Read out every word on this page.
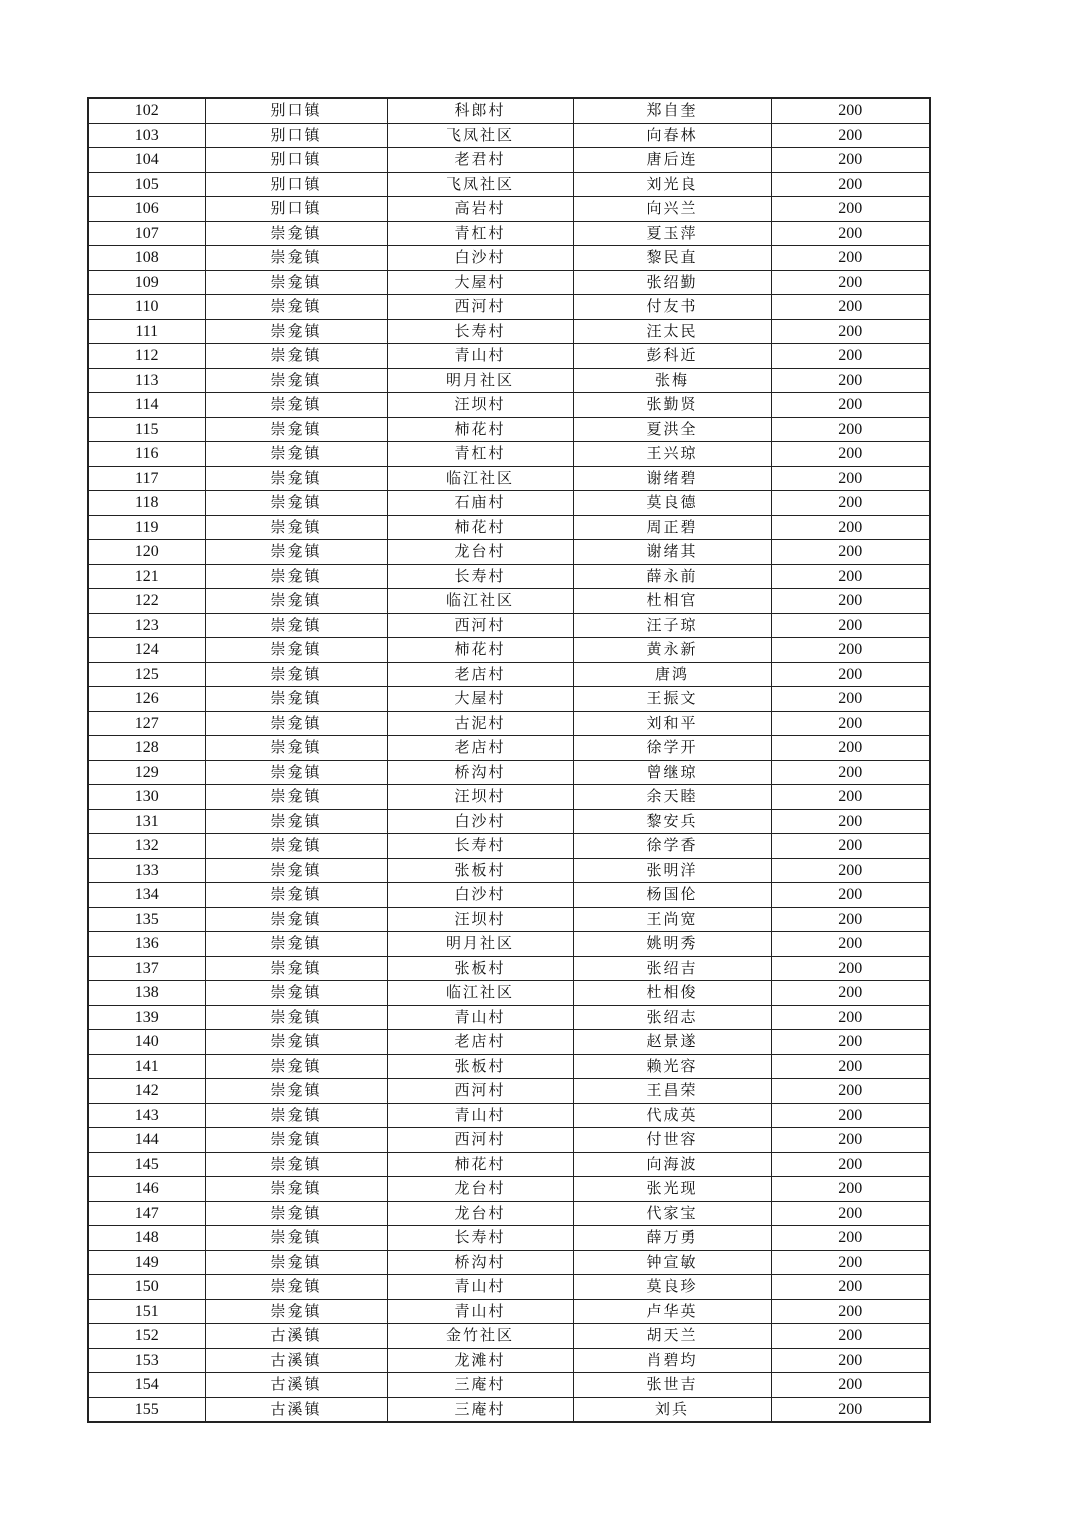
102	别口镇	科郎村	郑自奎	200
103	别口镇	飞凤社区	向春林	200
104	别口镇	老君村	唐后连	200
105	别口镇	飞凤社区	刘光良	200
106	别口镇	高岩村	向兴兰	200
107	崇龛镇	青杠村	夏玉萍	200
108	崇龛镇	白沙村	黎民直	200
109	崇龛镇	大屋村	张绍勤	200
110	崇龛镇	西河村	付友书	200
111	崇龛镇	长寿村	汪太民	200
112	崇龛镇	青山村	彭科近	200
113	崇龛镇	明月社区	张梅	200
114	崇龛镇	汪坝村	张勤贤	200
115	崇龛镇	柿花村	夏洪全	200
116	崇龛镇	青杠村	王兴琼	200
117	崇龛镇	临江社区	谢绪碧	200
118	崇龛镇	石庙村	莫良德	200
119	崇龛镇	柿花村	周正碧	200
120	崇龛镇	龙台村	谢绪其	200
121	崇龛镇	长寿村	薛永前	200
122	崇龛镇	临江社区	杜相官	200
123	崇龛镇	西河村	汪子琼	200
124	崇龛镇	柿花村	黄永新	200
125	崇龛镇	老店村	唐鸿	200
126	崇龛镇	大屋村	王振文	200
127	崇龛镇	古泥村	刘和平	200
128	崇龛镇	老店村	徐学开	200
129	崇龛镇	桥沟村	曾继琼	200
130	崇龛镇	汪坝村	余天睦	200
131	崇龛镇	白沙村	黎安兵	200
132	崇龛镇	长寿村	徐学香	200
133	崇龛镇	张板村	张明洋	200
134	崇龛镇	白沙村	杨国伦	200
135	崇龛镇	汪坝村	王尚宽	200
136	崇龛镇	明月社区	姚明秀	200
137	崇龛镇	张板村	张绍吉	200
138	崇龛镇	临江社区	杜相俊	200
139	崇龛镇	青山村	张绍志	200
140	崇龛镇	老店村	赵景遂	200
141	崇龛镇	张板村	赖光容	200
142	崇龛镇	西河村	王昌荣	200
143	崇龛镇	青山村	代成英	200
144	崇龛镇	西河村	付世容	200
145	崇龛镇	柿花村	向海波	200
146	崇龛镇	龙台村	张光现	200
147	崇龛镇	龙台村	代家宝	200
148	崇龛镇	长寿村	薛万勇	200
149	崇龛镇	桥沟村	钟宣敏	200
150	崇龛镇	青山村	莫良珍	200
151	崇龛镇	青山村	卢华英	200
152	古溪镇	金竹社区	胡天兰	200
153	古溪镇	龙滩村	肖碧均	200
154	古溪镇	三庵村	张世吉	200
155	古溪镇	三庵村	刘兵	200
